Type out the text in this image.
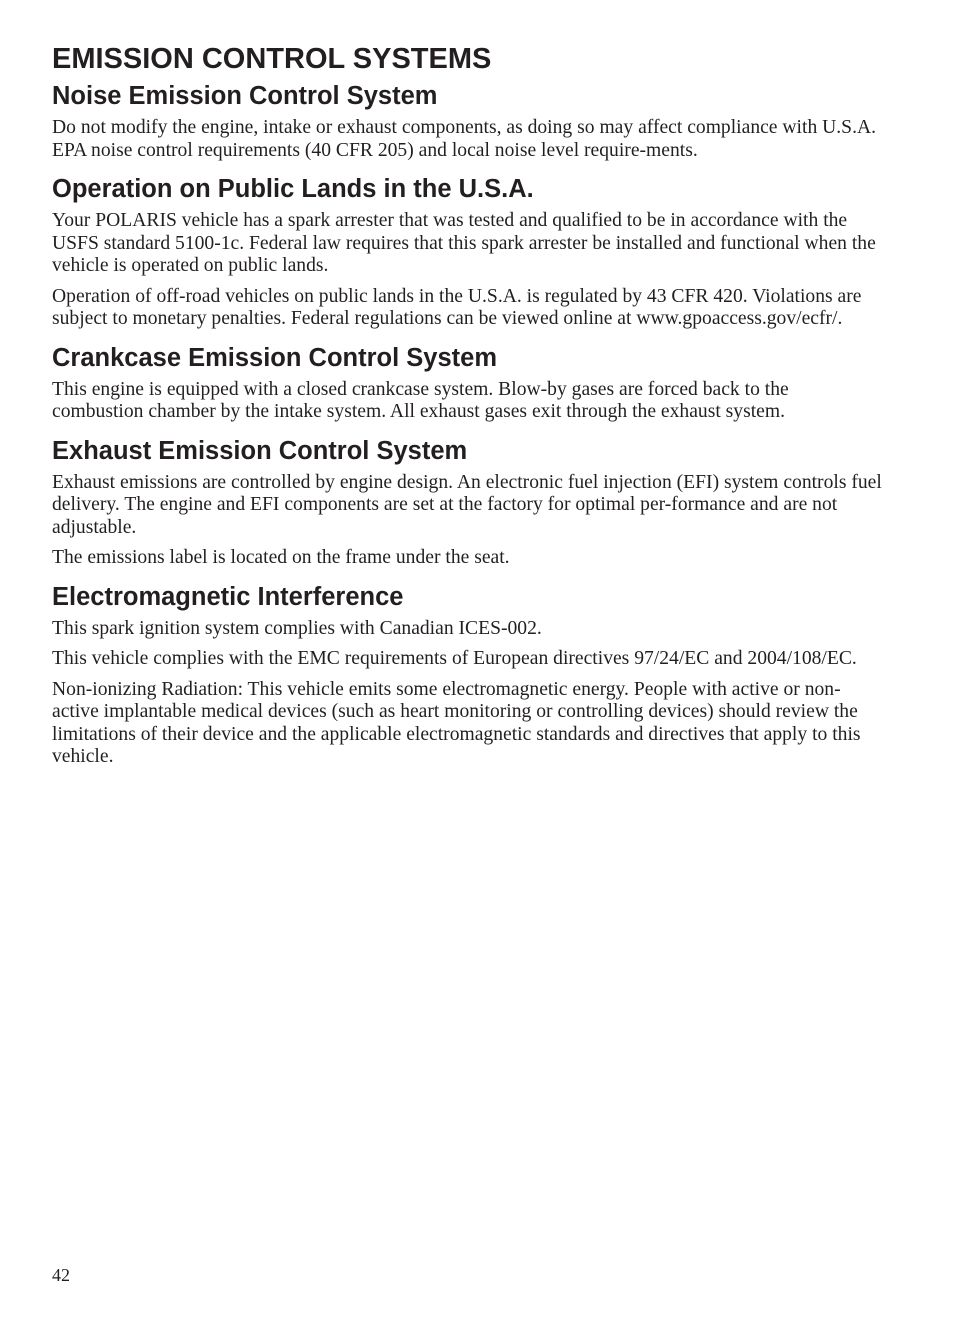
EMISSION CONTROL SYSTEMS
Noise Emission Control System

Do not modify the engine, intake or exhaust components, as doing so may affect compliance with U.S.A. EPA noise control requirements (40 CFR 205) and local noise level require-ments.

Operation on Public Lands in the U.S.A.

Your POLARIS vehicle has a spark arrester that was tested and qualified to be in accordance with the USFS standard 5100-1c. Federal law requires that this spark arrester be installed and functional when the vehicle is operated on public lands.

Operation of off-road vehicles on public lands in the U.S.A. is regulated by 43 CFR 420. Violations are subject to monetary penalties. Federal regulations can be viewed online at www.gpoaccess.gov/ecfr/.

Crankcase Emission Control System

This engine is equipped with a closed crankcase system. Blow-by gases are forced back to the combustion chamber by the intake system. All exhaust gases exit through the exhaust system.

Exhaust Emission Control System

Exhaust emissions are controlled by engine design. An electronic fuel injection (EFI) system controls fuel delivery. The engine and EFI components are set at the factory for optimal per-formance and are not adjustable.

The emissions label is located on the frame under the seat.

Electromagnetic Interference

This spark ignition system complies with Canadian ICES-002.

This vehicle complies with the EMC requirements of European directives 97/24/EC and 2004/108/EC.

Non-ionizing Radiation: This vehicle emits some electromagnetic energy. People with active or non-active implantable medical devices (such as heart monitoring or controlling devices) should review the limitations of their device and the applicable electromagnetic standards and directives that apply to this vehicle.

42
